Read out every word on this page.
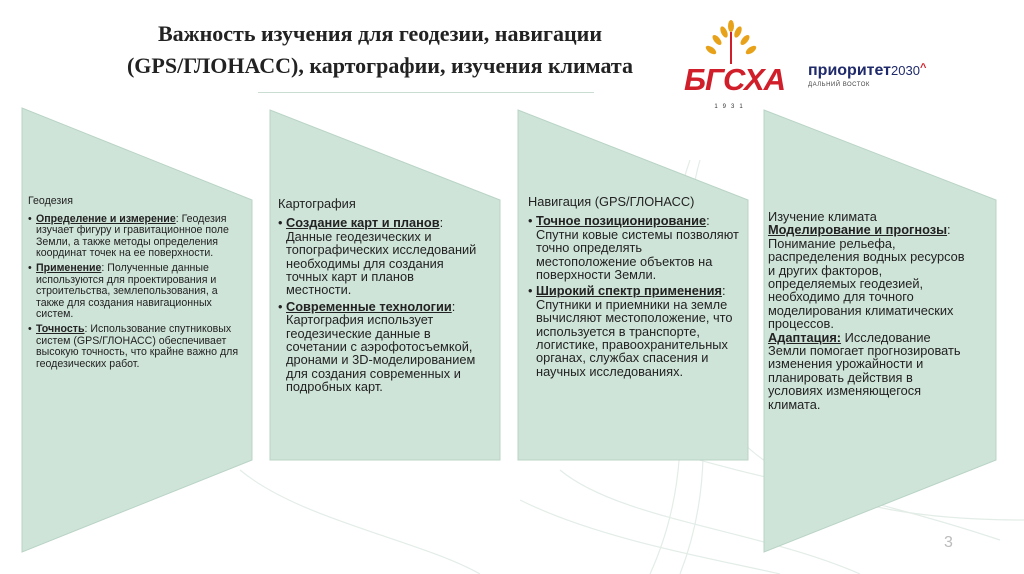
Важность изучения для геодезии, навигации
(GPS/ГЛОНАСС), картографии, изучения климата	БГСХА
1931
приоритет2030^
ДАЛЬНИЙ ВОСТОК
Геодезия
• Определение и измерение: Геодезия изучает фигуру и гравитационное поле Земли, а также методы определения координат точек на ее поверхности.
• Применение: Полученные данные используются для проектирования и строительства, землепользования, а также для создания навигационных систем.
• Точность: Использование спутниковых систем (GPS/ГЛОНАСС) обеспечивает высокую точность, что крайне важно для геодезических работ.
Картография
• Создание карт и планов: Данные геодезических и топографических исследований необходимы для создания точных карт и планов местности.
• Современные технологии: Картография использует геодезические данные в сочетании с аэрофотосъемкой, дронами и 3D-моделированием для создания современных и подробных карт.
Навигация (GPS/ГЛОНАСС)
• Точное позиционирование: Спутни ковые системы позволяют точно определять местоположение объектов на поверхности Земли.
• Широкий спектр применения: Спутники и приемники на земле вычисляют местоположение, что используется в транспорте, логистике, правоохранительных органах, службах спасения и научных исследованиях.
Изучение климата

Моделирование и прогнозы: Понимание рельефа, распределения водных ресурсов и других факторов, определяемых геодезией, необходимо для точного моделирования климатических процессов.

Адаптация: Исследование Земли помогает прогнозировать изменения урожайности и планировать действия в условиях изменяющегося климата.

3
